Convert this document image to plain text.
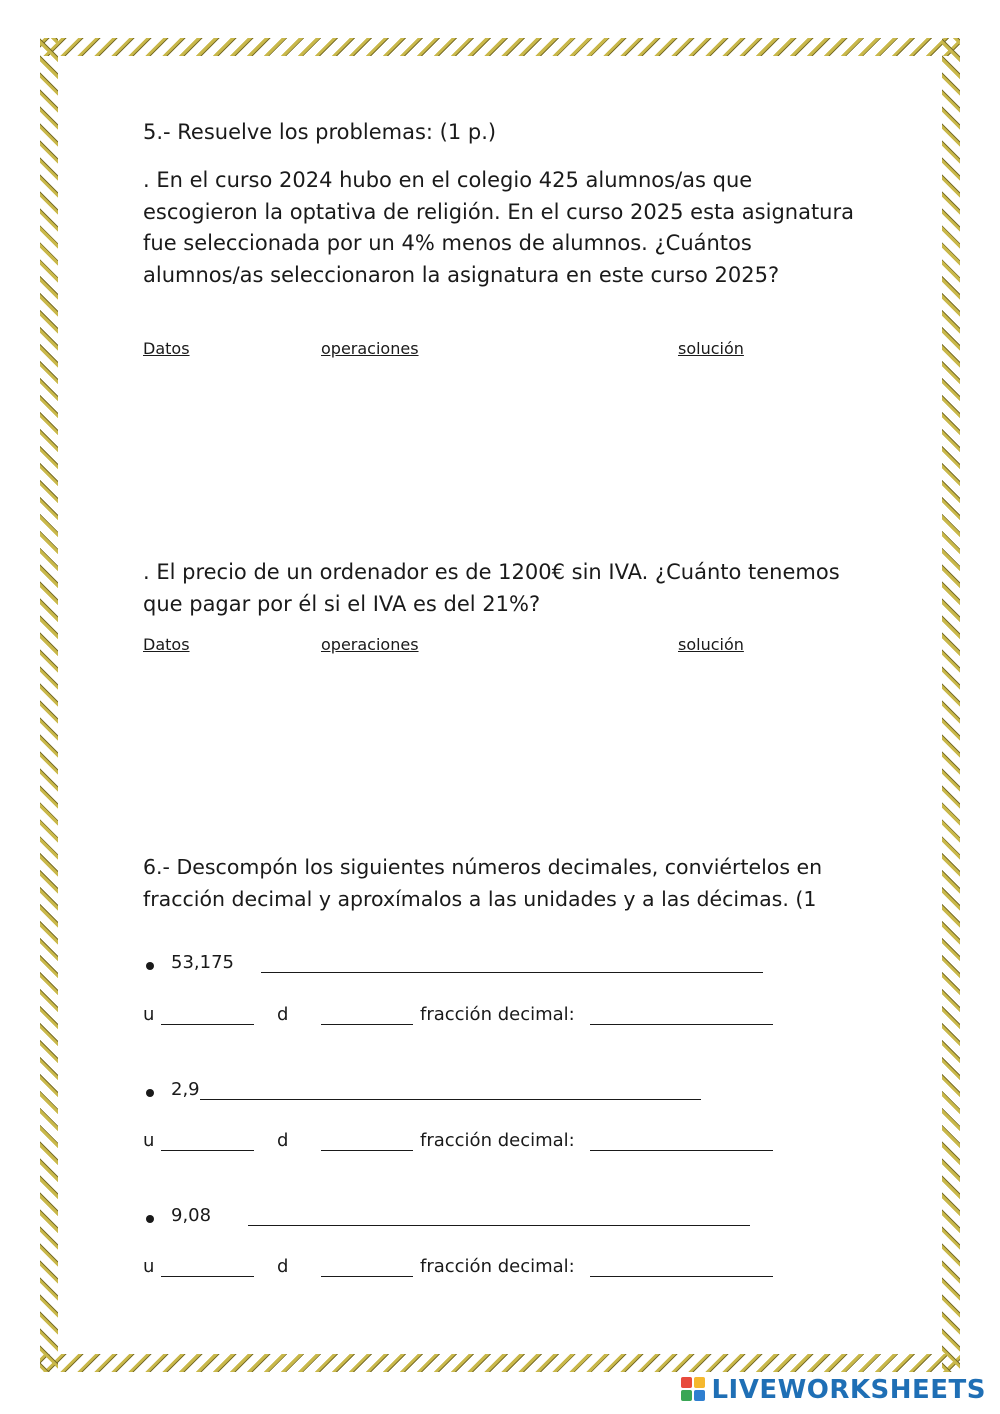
5.- Resuelve los problemas: (1 p.)
. En el curso 2024 hubo en el colegio 425 alumnos/as que escogieron la optativa de religión. En el curso 2025 esta asignatura fue seleccionada por un 4% menos de alumnos. ¿Cuántos alumnos/as seleccionaron la asignatura en este curso 2025?
Datos	operaciones	solución
. El precio de un ordenador es de 1200€ sin IVA. ¿Cuánto tenemos que pagar por él si el IVA es del 21%?
Datos	operaciones	solución
6.- Descompón los siguientes números decimales, conviértelos en fracción decimal y aproxímalos a las unidades y a las décimas. (1
53,175
u	d	fracción decimal:
2,9
u	d	fracción decimal:
9,08
u	d	fracción decimal:
LIVEWORKSHEETS
